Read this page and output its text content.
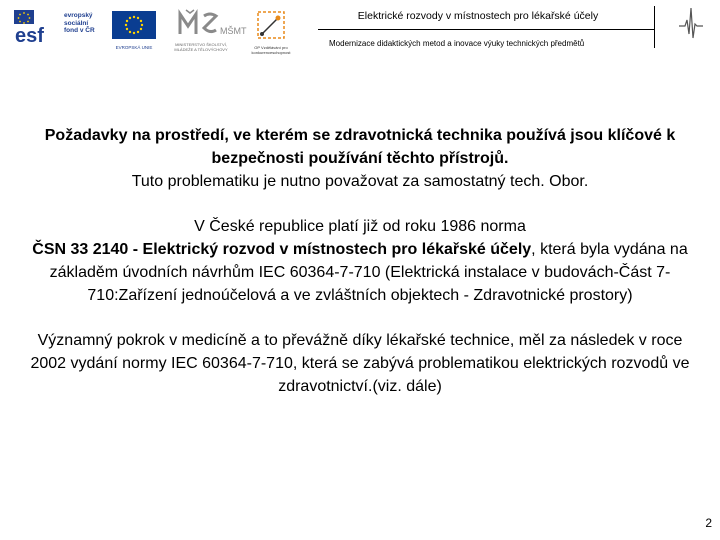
esf
evropský
sociální
fond v ČR
EVROPSKÁ UNIE
MŠMT
MINISTERSTVO ŠKOLSTVÍ, MLÁDEŽE A TĚLOVÝCHOVY	OP Vzdělávání pro konkurenceschopnost
Elektrické rozvody v místnostech pro lékařské účely
Modernizace didaktických metod a inovace výuky technických předmětů
Požadavky na prostředí, ve kterém se zdravotnická technika používá jsou klíčové k bezpečnosti používání těchto přístrojů.
Tuto problematiku je nutno považovat za samostatný tech. Obor.
V České republice platí již od roku 1986 norma
ČSN 33 2140 - Elektrický rozvod v místnostech pro lékařské účely, která byla vydána na základěm úvodních návrhům IEC 60364-7-710 (Elektrická instalace v budovách-Část 7-710:Zařízení jednoúčelová a ve zvláštních objektech - Zdravotnické prostory)
Významný pokrok v medicíně a to převážně díky lékařské technice, měl za následek v roce 2002 vydání normy IEC 60364-7-710, která se zabývá problematikou elektrických rozvodů ve zdravotnictví.(viz. dále)
2
